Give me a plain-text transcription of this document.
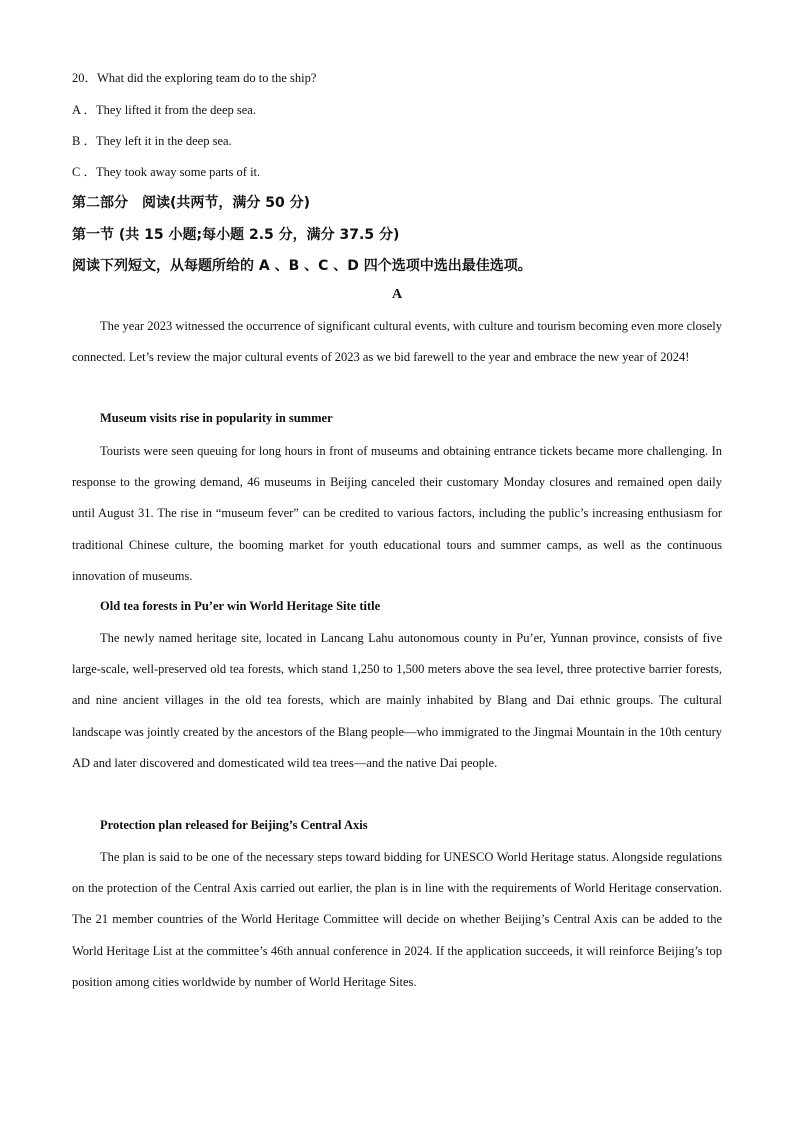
20．What did the exploring team do to the ship?

A ．They lifted it from the deep sea.

B ．They left it in the deep sea.

C ．They took away some parts of it.

第二部分　阅读(共两节，满分 50 分)

第一节 (共 15 小题;每小题 2.5 分，满分 37.5 分)

阅读下列短文，从每题所给的 A 、B 、C 、D 四个选项中选出最佳选项。

A

The year 2023 witnessed the occurrence of significant cultural events, with culture and tourism becoming even more closely connected. Let’s review the major cultural events of 2023 as we bid farewell to the year and embrace the new year of 2024!

Museum visits rise in popularity in summer

Tourists were seen queuing for long hours in front of museums and obtaining entrance tickets became more challenging. In response to the growing demand, 46 museums in Beijing canceled their customary Monday closures and remained open daily until August 31. The rise in “museum fever” can be credited to various factors, including the public’s increasing enthusiasm for traditional Chinese culture, the booming market for youth educational tours and summer camps, as well as the continuous innovation of museums.

Old tea forests in Pu’er win World Heritage Site title

The newly named heritage site, located in Lancang Lahu autonomous county in Pu’er, Yunnan province, consists of five large-scale, well-preserved old tea forests, which stand 1,250 to 1,500 meters above the sea level, three protective barrier forests, and nine ancient villages in the old tea forests, which are mainly inhabited by Blang and Dai ethnic groups. The cultural landscape was jointly created by the ancestors of the Blang people—who immigrated to the Jingmai Mountain in the 10th century AD and later discovered and domesticated wild tea trees—and the native Dai people.

Protection plan released for Beijing’s Central Axis

The plan is said to be one of the necessary steps toward bidding for UNESCO World Heritage status. Alongside regulations on the protection of the Central Axis carried out earlier, the plan is in line with the requirements of World Heritage conservation. The 21 member countries of the World Heritage Committee will decide on whether Beijing’s Central Axis can be added to the World Heritage List at the committee’s 46th annual conference in 2024. If the application succeeds, it will reinforce Beijing’s top position among cities worldwide by number of World Heritage Sites.
